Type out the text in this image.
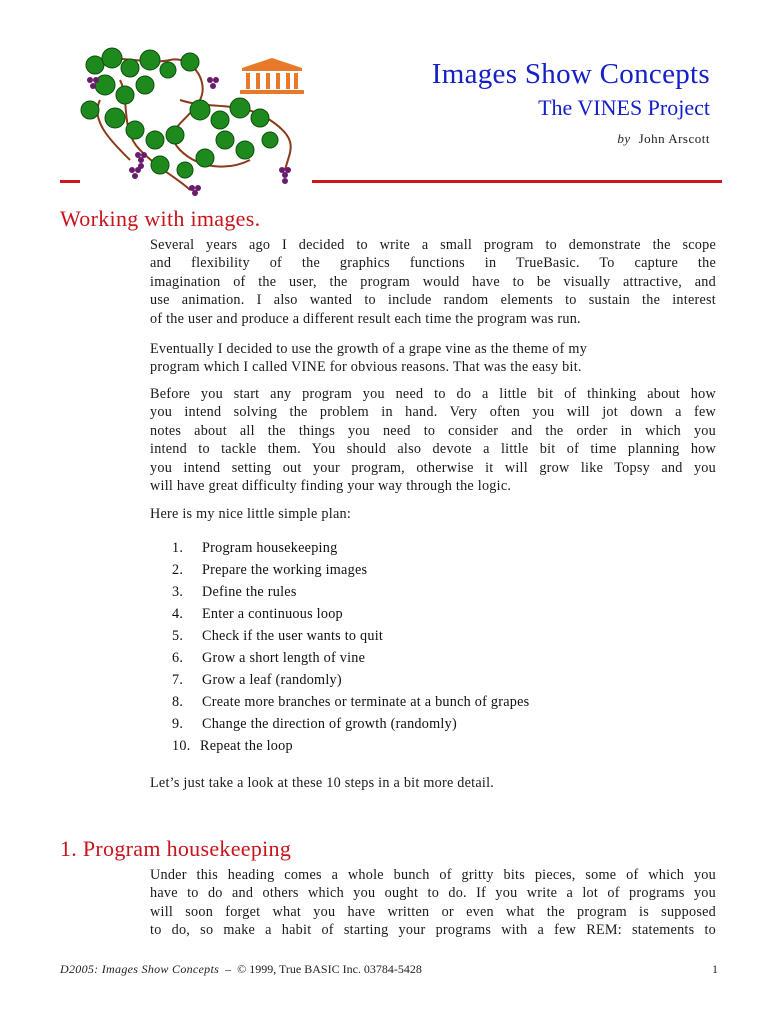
Images Show Concepts
The VINES Project
by John Arscott
Working with images.
Several years ago I decided to write a small program to demonstrate the scope
and flexibility of the graphics functions in TrueBasic. To capture the
imagination of the user, the program would have to be visually attractive, and
use animation. I also wanted to include random elements to sustain the interest
of the user and produce a different result each time the program was run.
Eventually I decided to use the growth of a grape vine as the theme of my
program which I called VINE for obvious reasons. That was the easy bit.
Before you start any program you need to do a little bit of thinking about how
you intend solving the problem in hand. Very often you will jot down a few
notes about all the things you need to consider and the order in which you
intend to tackle them. You should also devote a little bit of time planning how
you intend setting out your program, otherwise it will grow like Topsy and you
will have great difficulty finding your way through the logic.
Here is my nice little simple plan:
1. Program housekeeping
2. Prepare the working images
3. Define the rules
4. Enter a continuous loop
5. Check if the user wants to quit
6. Grow a short length of vine
7. Grow a leaf (randomly)
8. Create more branches or terminate at a bunch of grapes
9. Change the direction of growth (randomly)
10. Repeat the loop
Let’s just take a look at these 10 steps in a bit more detail.
1. Program housekeeping
Under this heading comes a whole bunch of gritty bits pieces, some of which you
have to do and others which you ought to do. If you write a lot of programs you
will soon forget what you have written or even what the program is supposed
to do, so make a habit of starting your programs with a few REM: statements to
D2005: Images Show Concepts – © 1999, True BASIC Inc. 03784-5428	1
